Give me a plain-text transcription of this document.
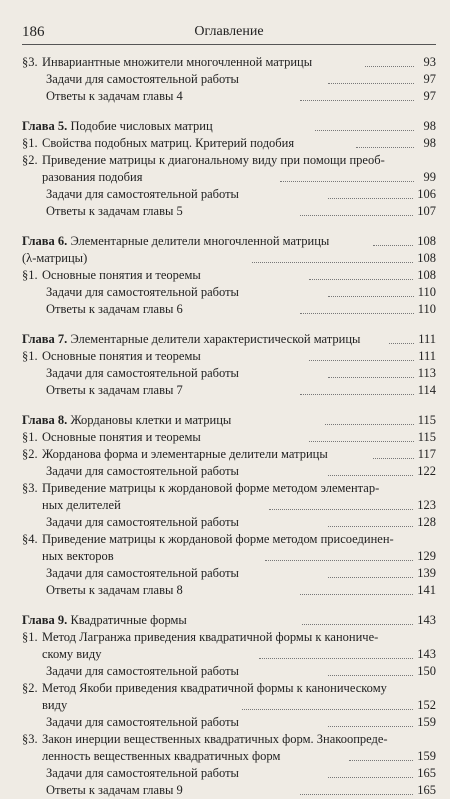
186	Оглавление
§3. Инвариантные множители многочленной матрицы	93
Задачи для самостоятельной работы	97
Ответы к задачам главы 4	97
Глава 5. Подобие числовых матриц	98
§1. Свойства подобных матриц. Критерий подобия	98
§2. Приведение матрицы к диагональному виду при помощи преоб-
разования подобия	99
Задачи для самостоятельной работы	106
Ответы к задачам главы 5	107
Глава 6. Элементарные делители многочленной матрицы	108
(λ-матрицы)	108
§1. Основные понятия и теоремы	108
Задачи для самостоятельной работы	110
Ответы к задачам главы 6	110
Глава 7. Элементарные делители характеристической матрицы	111
§1. Основные понятия и теоремы	111
Задачи для самостоятельной работы	113
Ответы к задачам главы 7	114
Глава 8. Жордановы клетки и матрицы	115
§1. Основные понятия и теоремы	115
§2. Жорданова форма и элементарные делители матрицы	117
Задачи для самостоятельной работы	122
§3. Приведение матрицы к жордановой форме методом элементар-
ных делителей	123
Задачи для самостоятельной работы	128
§4. Приведение матрицы к жордановой форме методом присоединен-
ных векторов	129
Задачи для самостоятельной работы	139
Ответы к задачам главы 8	141
Глава 9. Квадратичные формы	143
§1. Метод Лагранжа приведения квадратичной формы к канониче-
скому виду	143
Задачи для самостоятельной работы	150
§2. Метод Якоби приведения квадратичной формы к каноническому
виду	152
Задачи для самостоятельной работы	159
§3. Закон инерции вещественных квадратичных форм. Знакоопреде-
ленность вещественных квадратичных форм	159
Задачи для самостоятельной работы	165
Ответы к задачам главы 9	165
